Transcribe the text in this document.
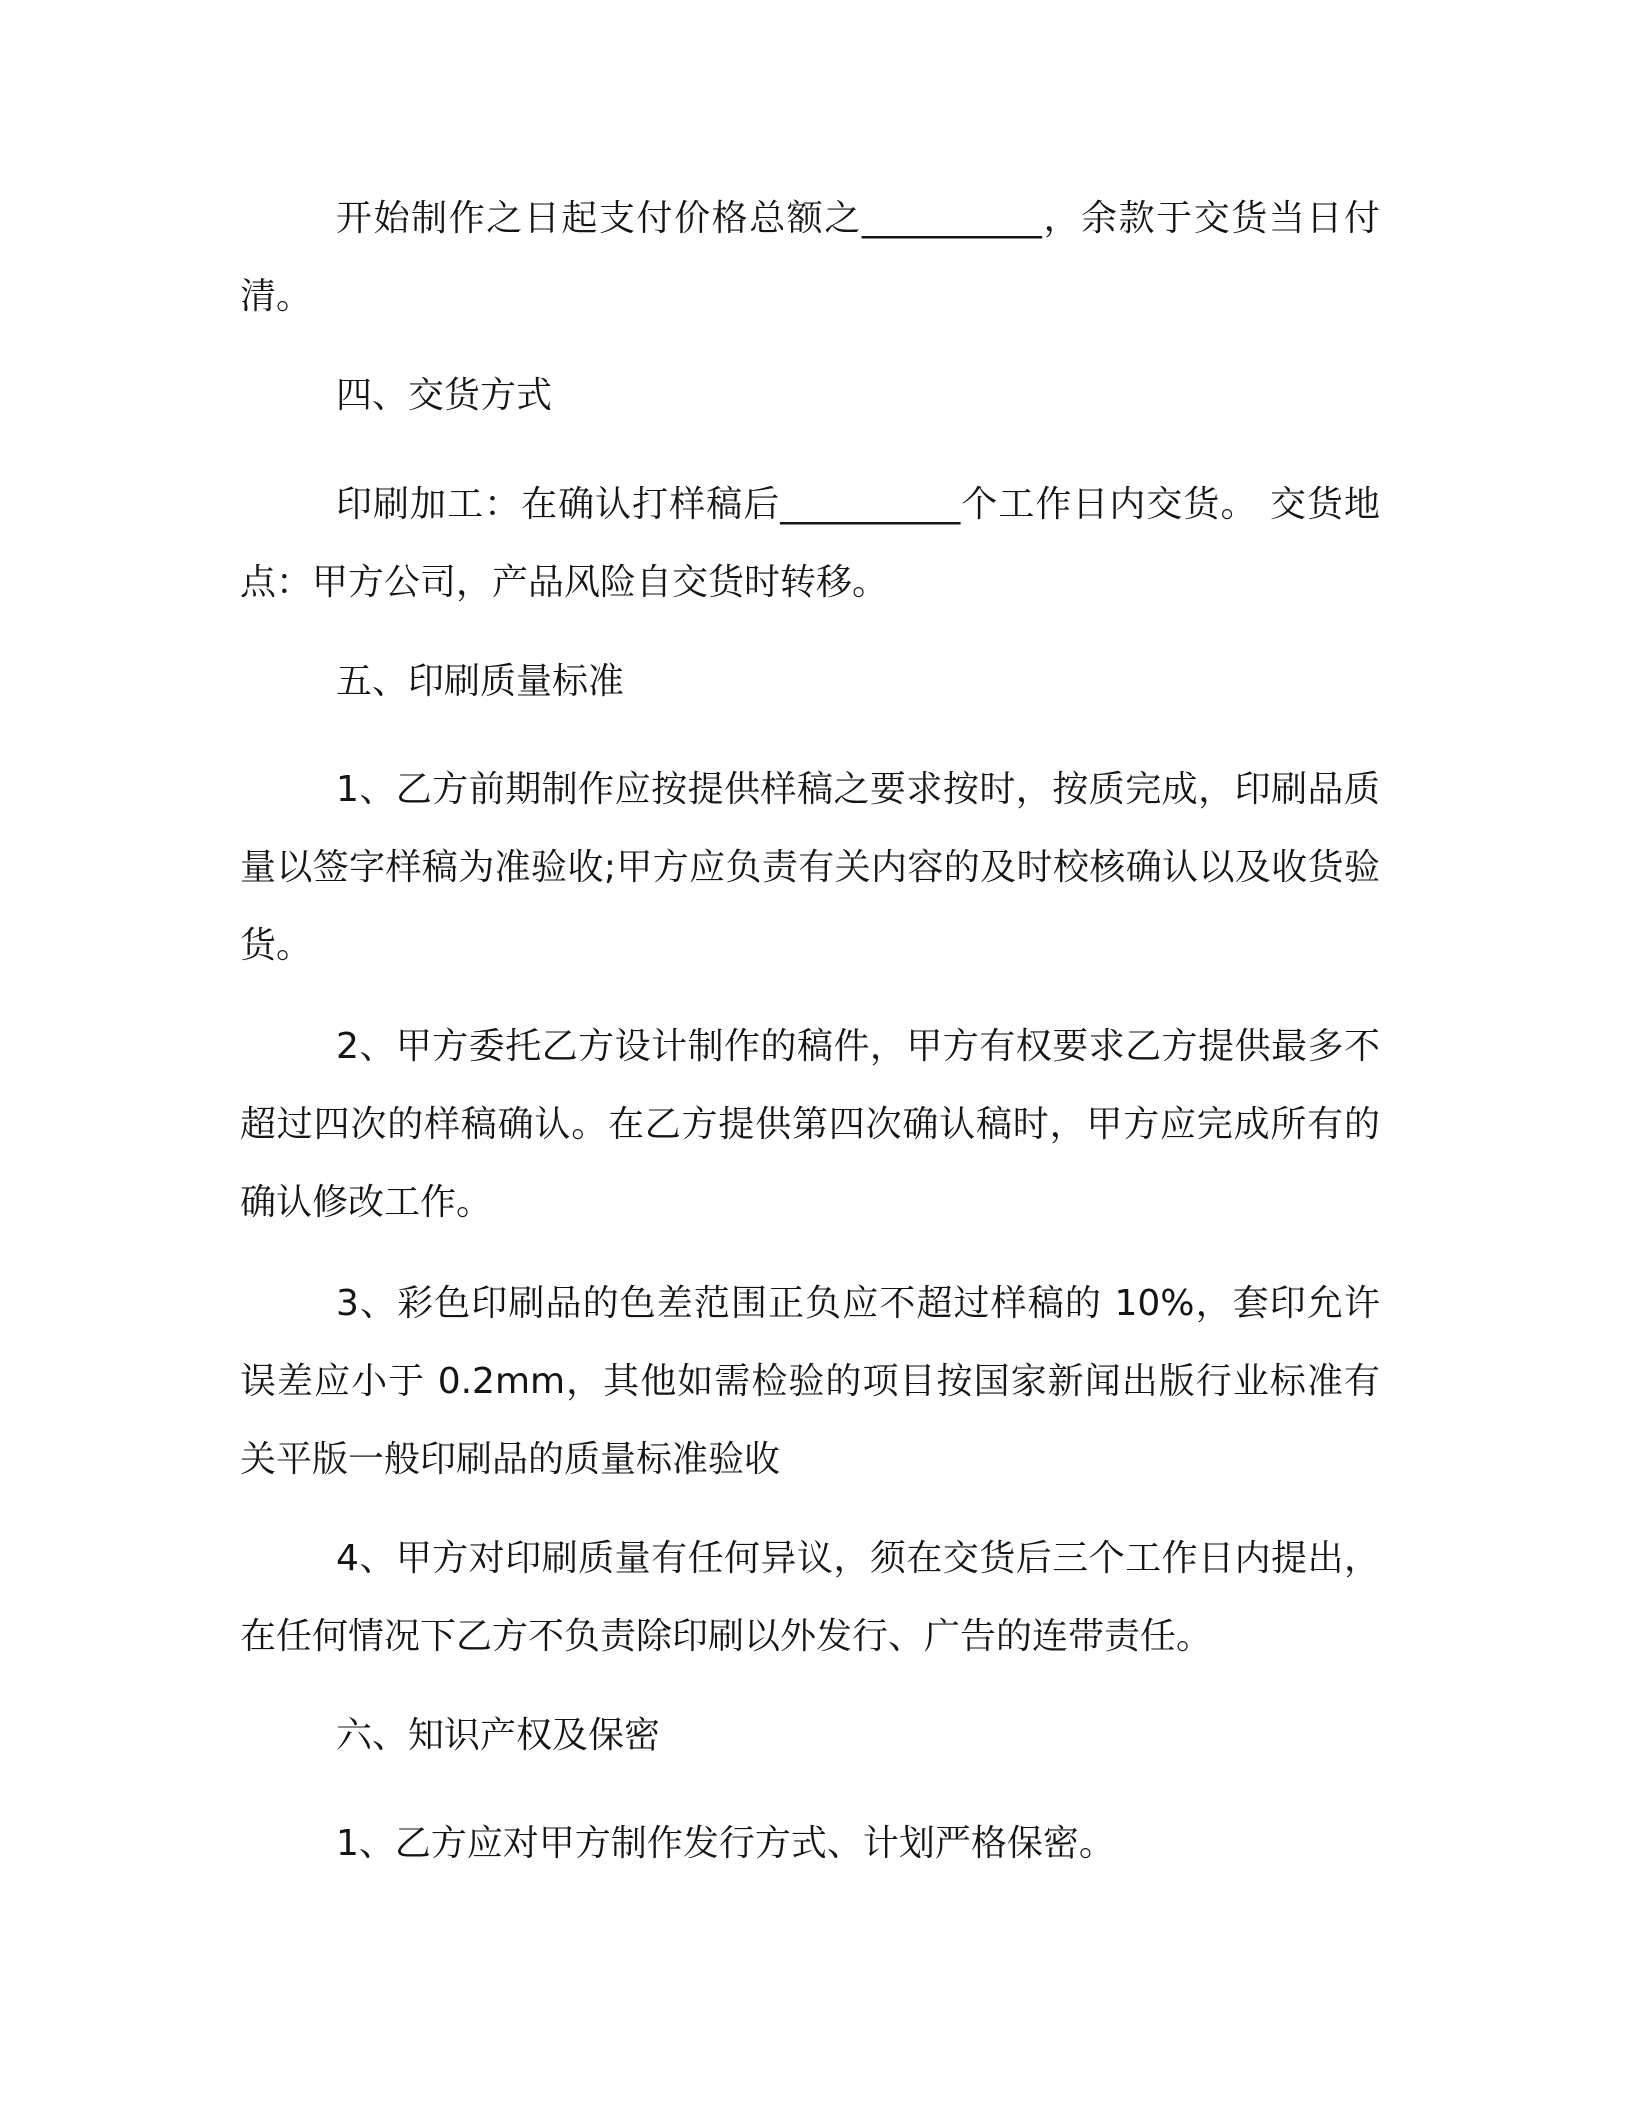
开始制作之日起支付价格总额之__________，余款于交货当日付清。

四、交货方式

印刷加工：在确认打样稿后__________个工作日内交货。 交货地点：甲方公司，产品风险自交货时转移。

五、印刷质量标准

1、乙方前期制作应按提供样稿之要求按时，按质完成，印刷品质量以签字样稿为准验收;甲方应负责有关内容的及时校核确认以及收货验货。

2、甲方委托乙方设计制作的稿件，甲方有权要求乙方提供最多不超过四次的样稿确认。在乙方提供第四次确认稿时，甲方应完成所有的确认修改工作。

3、彩色印刷品的色差范围正负应不超过样稿的 10%，套印允许误差应小于 0.2mm，其他如需检验的项目按国家新闻出版行业标准有关平版一般印刷品的质量标准验收

4、甲方对印刷质量有任何异议，须在交货后三个工作日内提出，在任何情况下乙方不负责除印刷以外发行、广告的连带责任。

六、知识产权及保密

1、乙方应对甲方制作发行方式、计划严格保密。
